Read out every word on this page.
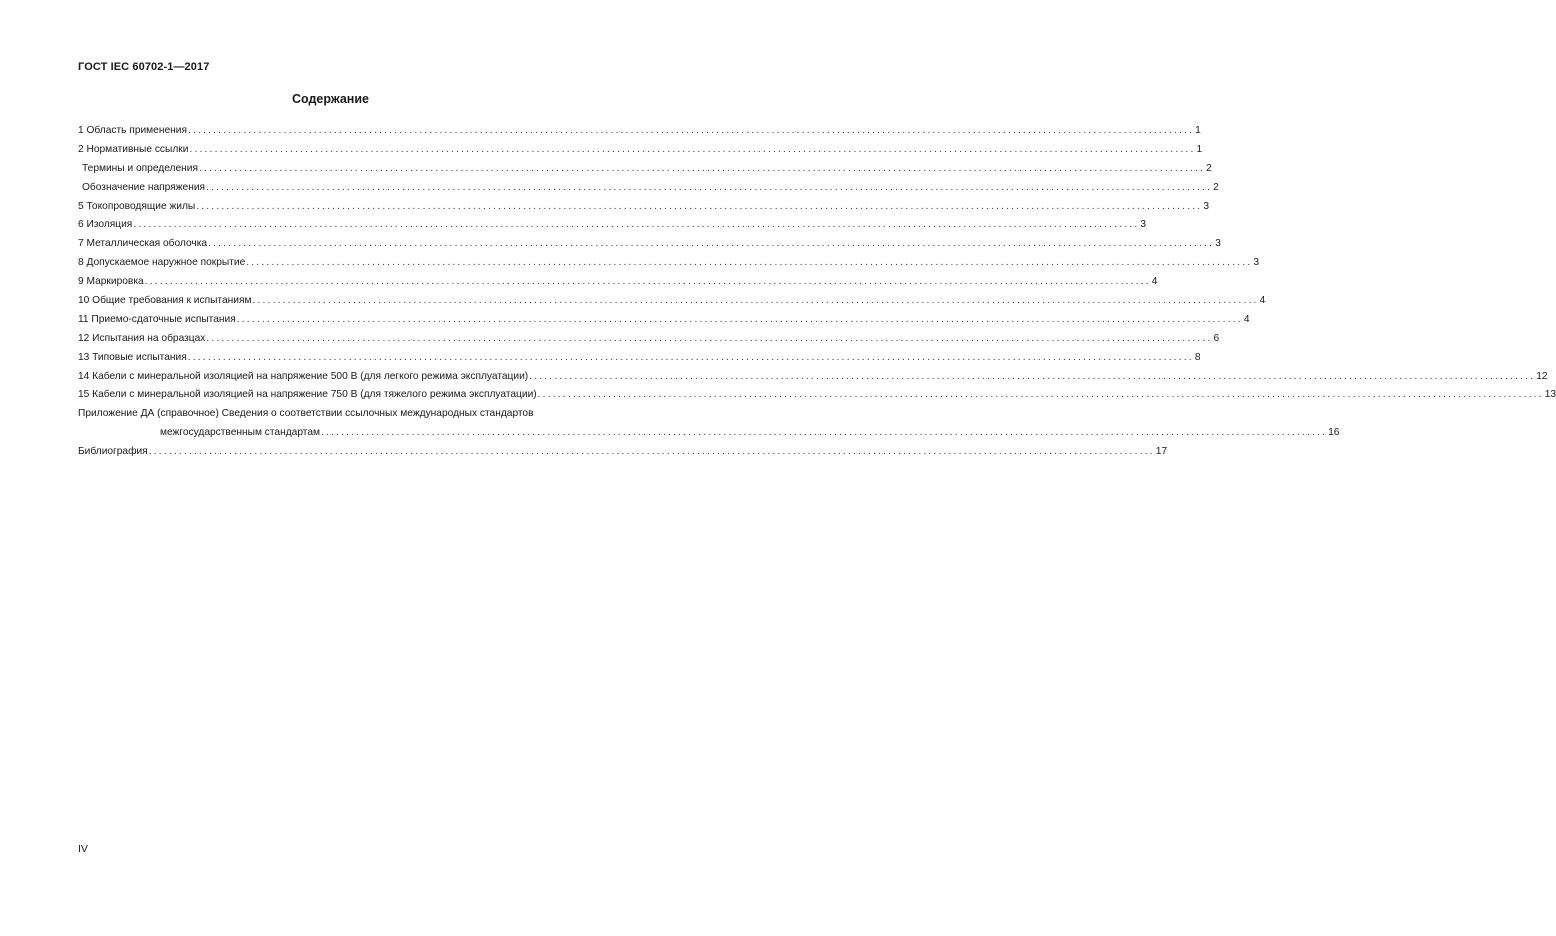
ГОСТ IEC 60702-1—2017
Содержание
1 Область применения ........................................................................................................................................................................................................ 1
2 Нормативные ссылки ........................................................................................................................................................................................................ 1
Термины и определения ........................................................................................................................................................................................................ 2
Обозначение напряжения ........................................................................................................................................................................................................ 2
5 Токопроводящие жилы ........................................................................................................................................................................................................ 3
6 Изоляция ........................................................................................................................................................................................................ 3
7 Металлическая оболочка ........................................................................................................................................................................................................ 3
8 Допускаемое наружное покрытие ........................................................................................................................................................................................................ 3
9 Маркировка ........................................................................................................................................................................................................ 4
10 Общие требования к испытаниям ........................................................................................................................................................................................................ 4
11 Приемо-сдаточные испытания ........................................................................................................................................................................................................ 4
12 Испытания на образцах ........................................................................................................................................................................................................ 6
13 Типовые испытания ........................................................................................................................................................................................................ 8
14 Кабели с минеральной изоляцией на напряжение 500 В (для легкого режима эксплуатации) ........................................................................................................................................................................................................ 12
15 Кабели с минеральной изоляцией на напряжение 750 В (для тяжелого режима эксплуатации) ........................................................................................................................................................................................................ 13
Приложение ДА (справочное) Сведения о соответствии ссылочных международных стандартов
межгосударственным стандартам ........................................................................................................................................................................................................ 16
Библиография ........................................................................................................................................................................................................ 17
IV
